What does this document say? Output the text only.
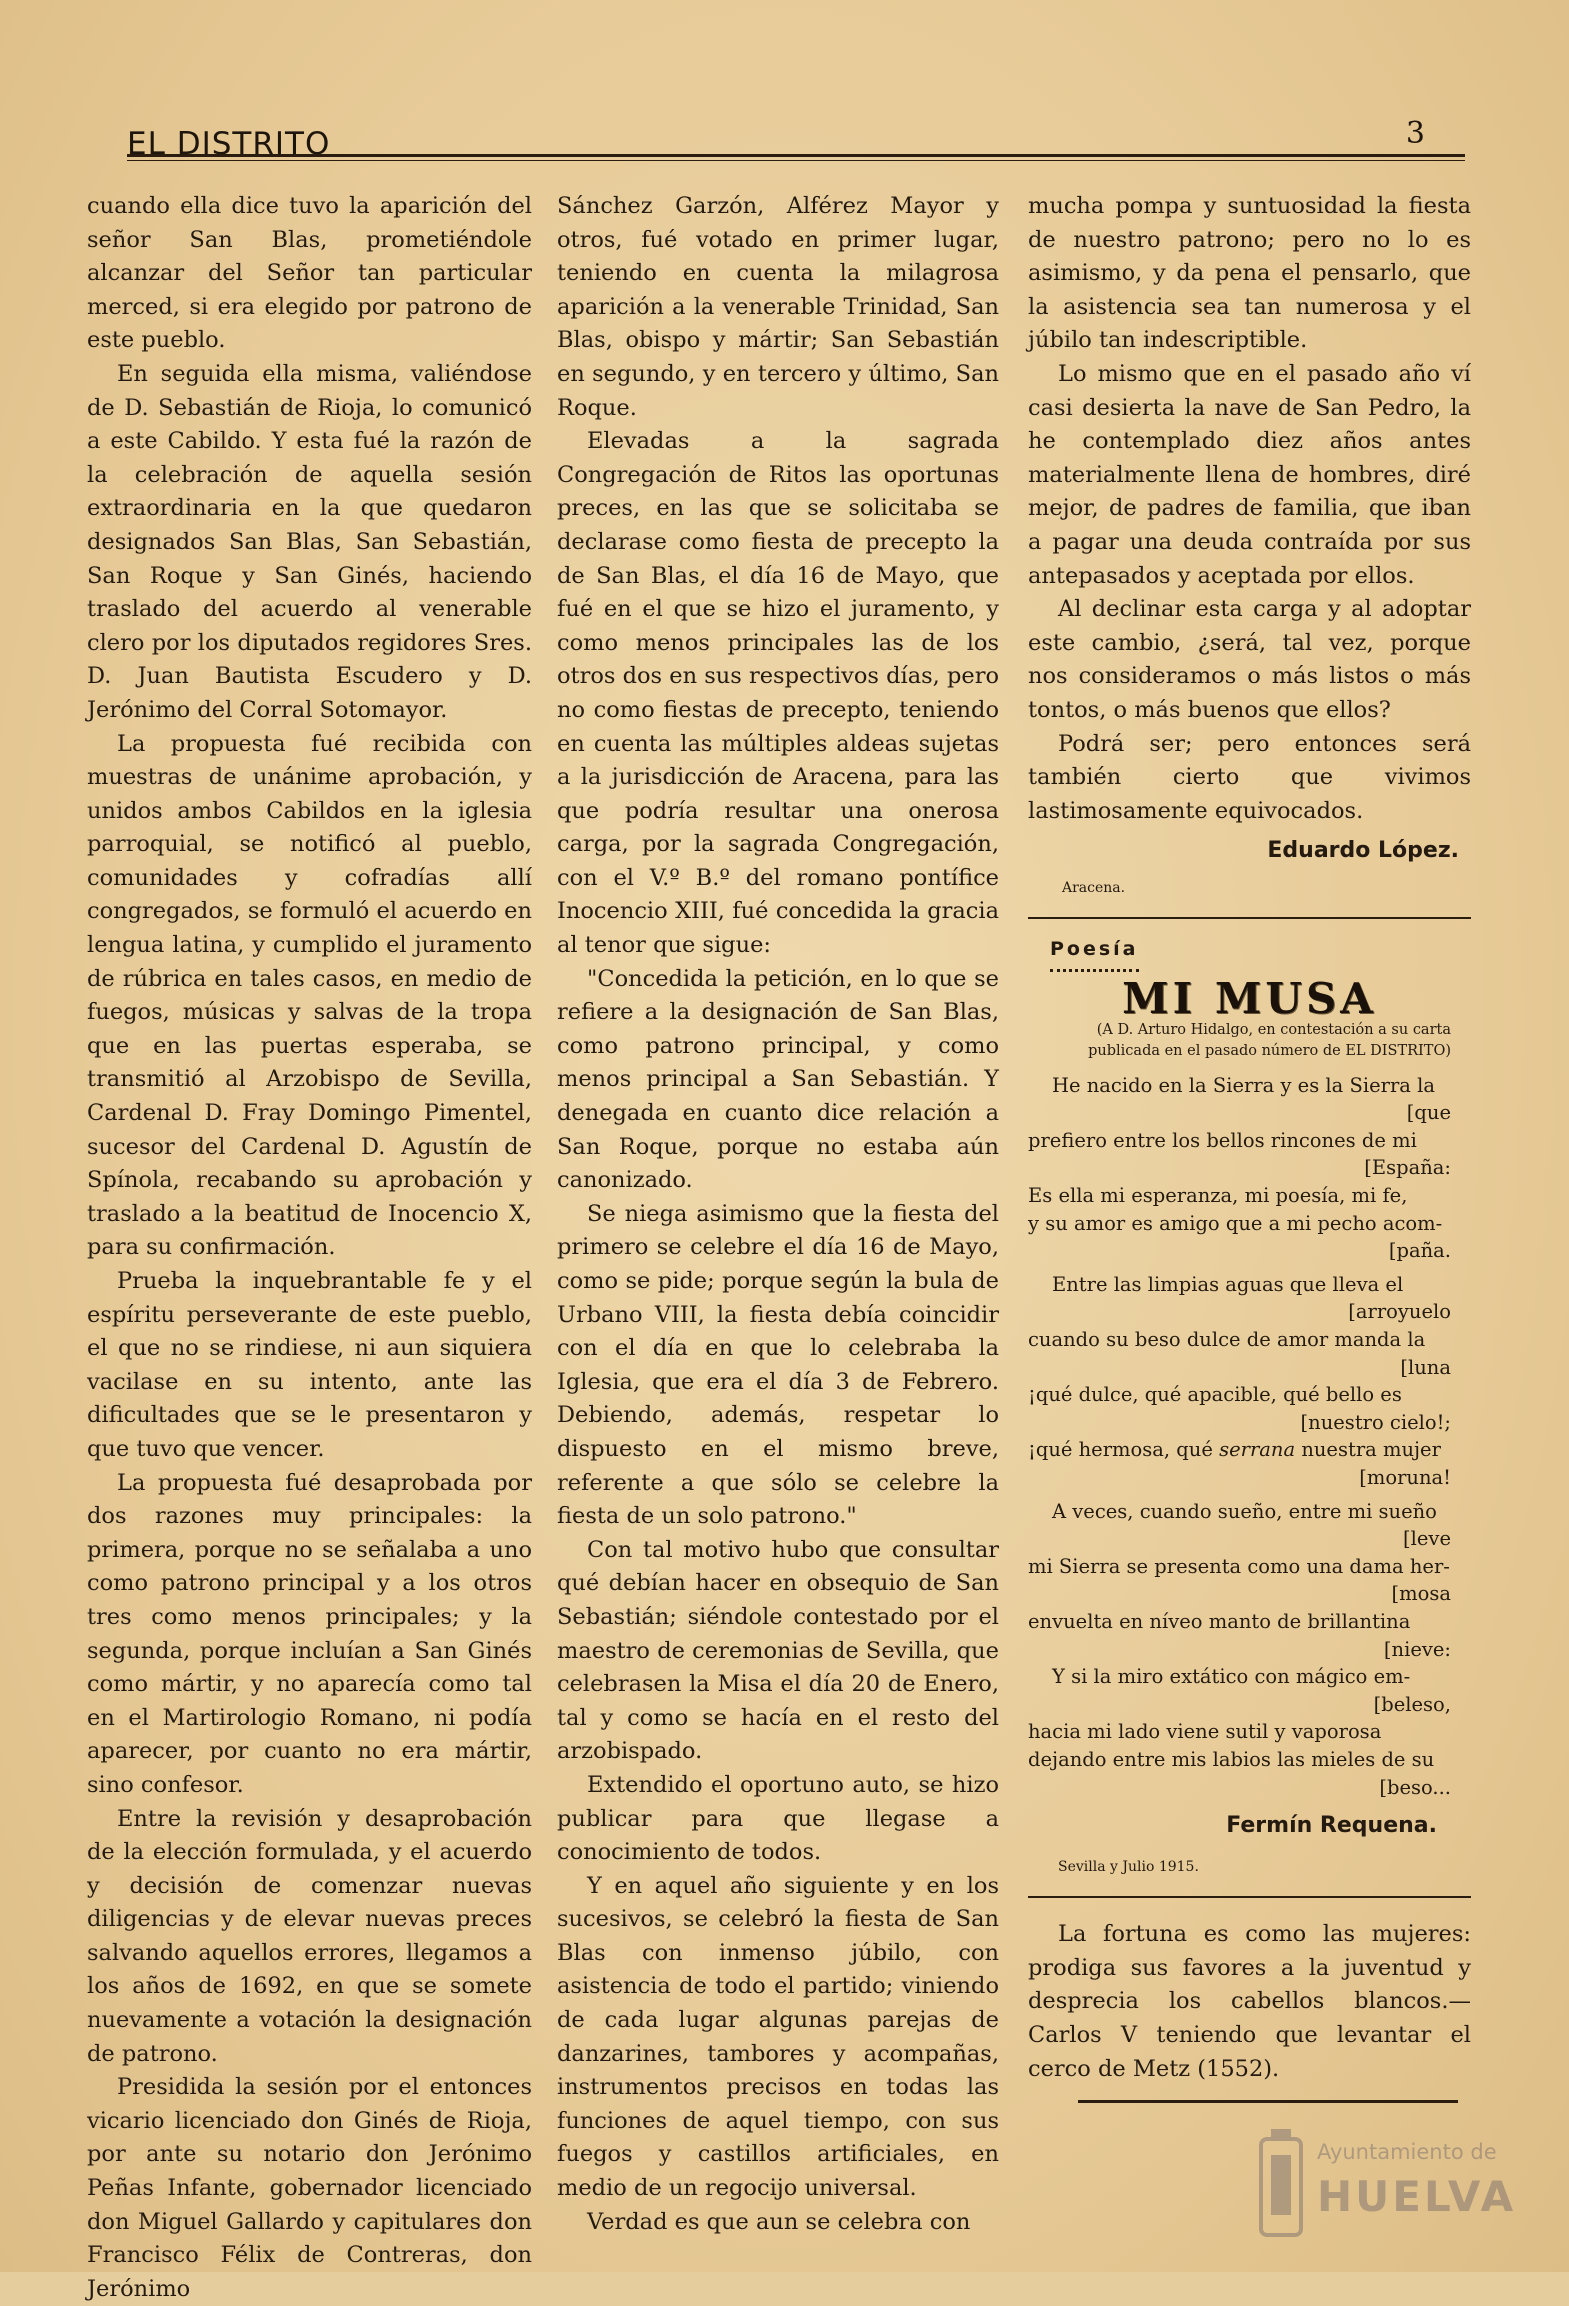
EL DISTRITO	3

cuando ella dice tuvo la aparición del señor San Blas, prometiéndole alcanzar del Señor tan particular merced, si era elegido por patrono de este pueblo.

En seguida ella misma, valiéndose de D. Sebastián de Rioja, lo comunicó a este Cabildo. Y esta fué la razón de la celebración de aquella sesión extraordinaria en la que quedaron designados San Blas, San Sebastián, San Roque y San Ginés, haciendo traslado del acuerdo al venerable clero por los diputados regidores Sres. D. Juan Bautista Escudero y D. Jerónimo del Corral Sotomayor.

La propuesta fué recibida con muestras de unánime aprobación, y unidos ambos Cabildos en la iglesia parroquial, se notificó al pueblo, comunidades y cofradías allí congregados, se formuló el acuerdo en lengua latina, y cumplido el juramento de rúbrica en tales casos, en medio de fuegos, músicas y salvas de la tropa que en las puertas esperaba, se transmitió al Arzobispo de Sevilla, Cardenal D. Fray Domingo Pimentel, sucesor del Cardenal D. Agustín de Spínola, recabando su aprobación y traslado a la beatitud de Inocencio X, para su confirmación.

Prueba la inquebrantable fe y el espíritu perseverante de este pueblo, el que no se rindiese, ni aun siquiera vacilase en su intento, ante las dificultades que se le presentaron y que tuvo que vencer.

La propuesta fué desaprobada por dos razones muy principales: la primera, porque no se señalaba a uno como patrono principal y a los otros tres como menos principales; y la segunda, porque incluían a San Ginés como mártir, y no aparecía como tal en el Martirologio Romano, ni podía aparecer, por cuanto no era mártir, sino confesor.

Entre la revisión y desaprobación de la elección formulada, y el acuerdo y decisión de comenzar nuevas diligencias y de elevar nuevas preces salvando aquellos errores, llegamos a los años de 1692, en que se somete nuevamente a votación la designación de patrono.

Presidida la sesión por el entonces vicario licenciado don Ginés de Rioja, por ante su notario don Jerónimo Peñas Infante, gobernador licenciado don Miguel Gallardo y capitulares don Francisco Félix de Contreras, don Jerónimo

Sánchez Garzón, Alférez Mayor y otros, fué votado en primer lugar, teniendo en cuenta la milagrosa aparición a la venerable Trinidad, San Blas, obispo y mártir; San Sebastián en segundo, y en tercero y último, San Roque.

Elevadas a la sagrada Congregación de Ritos las oportunas preces, en las que se solicitaba se declarase como fiesta de precepto la de San Blas, el día 16 de Mayo, que fué en el que se hizo el juramento, y como menos principales las de los otros dos en sus respectivos días, pero no como fiestas de precepto, teniendo en cuenta las múltiples aldeas sujetas a la jurisdicción de Aracena, para las que podría resultar una onerosa carga, por la sagrada Congregación, con el V.º B.º del romano pontífice Inocencio XIII, fué concedida la gracia al tenor que sigue:

"Concedida la petición, en lo que se refiere a la designación de San Blas, como patrono principal, y como menos principal a San Sebastián. Y denegada en cuanto dice relación a San Roque, porque no estaba aún canonizado.

Se niega asimismo que la fiesta del primero se celebre el día 16 de Mayo, como se pide; porque según la bula de Urbano VIII, la fiesta debía coincidir con el día en que lo celebraba la Iglesia, que era el día 3 de Febrero. Debiendo, además, respetar lo dispuesto en el mismo breve, referente a que sólo se celebre la fiesta de un solo patrono."

Con tal motivo hubo que consultar qué debían hacer en obsequio de San Sebastián; siéndole contestado por el maestro de ceremonias de Sevilla, que celebrasen la Misa el día 20 de Enero, tal y como se hacía en el resto del arzobispado.

Extendido el oportuno auto, se hizo publicar para que llegase a conocimiento de todos.

Y en aquel año siguiente y en los sucesivos, se celebró la fiesta de San Blas con inmenso júbilo, con asistencia de todo el partido; viniendo de cada lugar algunas parejas de danzarines, tambores y acompañas, instrumentos precisos en todas las funciones de aquel tiempo, con sus fuegos y castillos artificiales, en medio de un regocijo universal.

Verdad es que aun se celebra con

mucha pompa y suntuosidad la fiesta de nuestro patrono; pero no lo es asimismo, y da pena el pensarlo, que la asistencia sea tan numerosa y el júbilo tan indescriptible.

Lo mismo que en el pasado año ví casi desierta la nave de San Pedro, la he contemplado diez años antes materialmente llena de hombres, diré mejor, de padres de familia, que iban a pagar una deuda contraída por sus antepasados y aceptada por ellos.

Al declinar esta carga y al adoptar este cambio, ¿será, tal vez, porque nos consideramos o más listos o más tontos, o más buenos que ellos?

Podrá ser; pero entonces será también cierto que vivimos lastimosamente equivocados.

Eduardo López.
Aracena.
Poesía
MI MUSA
(A D. Arturo Hidalgo, en contestación a su carta publicada en el pasado número de EL DISTRITO)
He nacido en la Sierra y es la Sierra la
[que
prefiero entre los bellos rincones de mi
[España:
Es ella mi esperanza, mi poesía, mi fe,
y su amor es amigo que a mi pecho acom-
[paña.
Entre las limpias aguas que lleva el
[arroyuelo
cuando su beso dulce de amor manda la
[luna
¡qué dulce, qué apacible, qué bello es
[nuestro cielo!;
¡qué hermosa, qué serrana nuestra mujer
[moruna!
A veces, cuando sueño, entre mi sueño
[leve
mi Sierra se presenta como una dama her-
[mosa
envuelta en níveo manto de brillantina
[nieve:
Y si la miro extático con mágico em-
[beleso,
hacia mi lado viene sutil y vaporosa
dejando entre mis labios las mieles de su
[beso...
Fermín Requena.
Sevilla y Julio 1915.

La fortuna es como las mujeres: prodiga sus favores a la juventud y desprecia los cabellos blancos.—Carlos V teniendo que levantar el cerco de Metz (1552).

Ayuntamiento de
HUELVA
